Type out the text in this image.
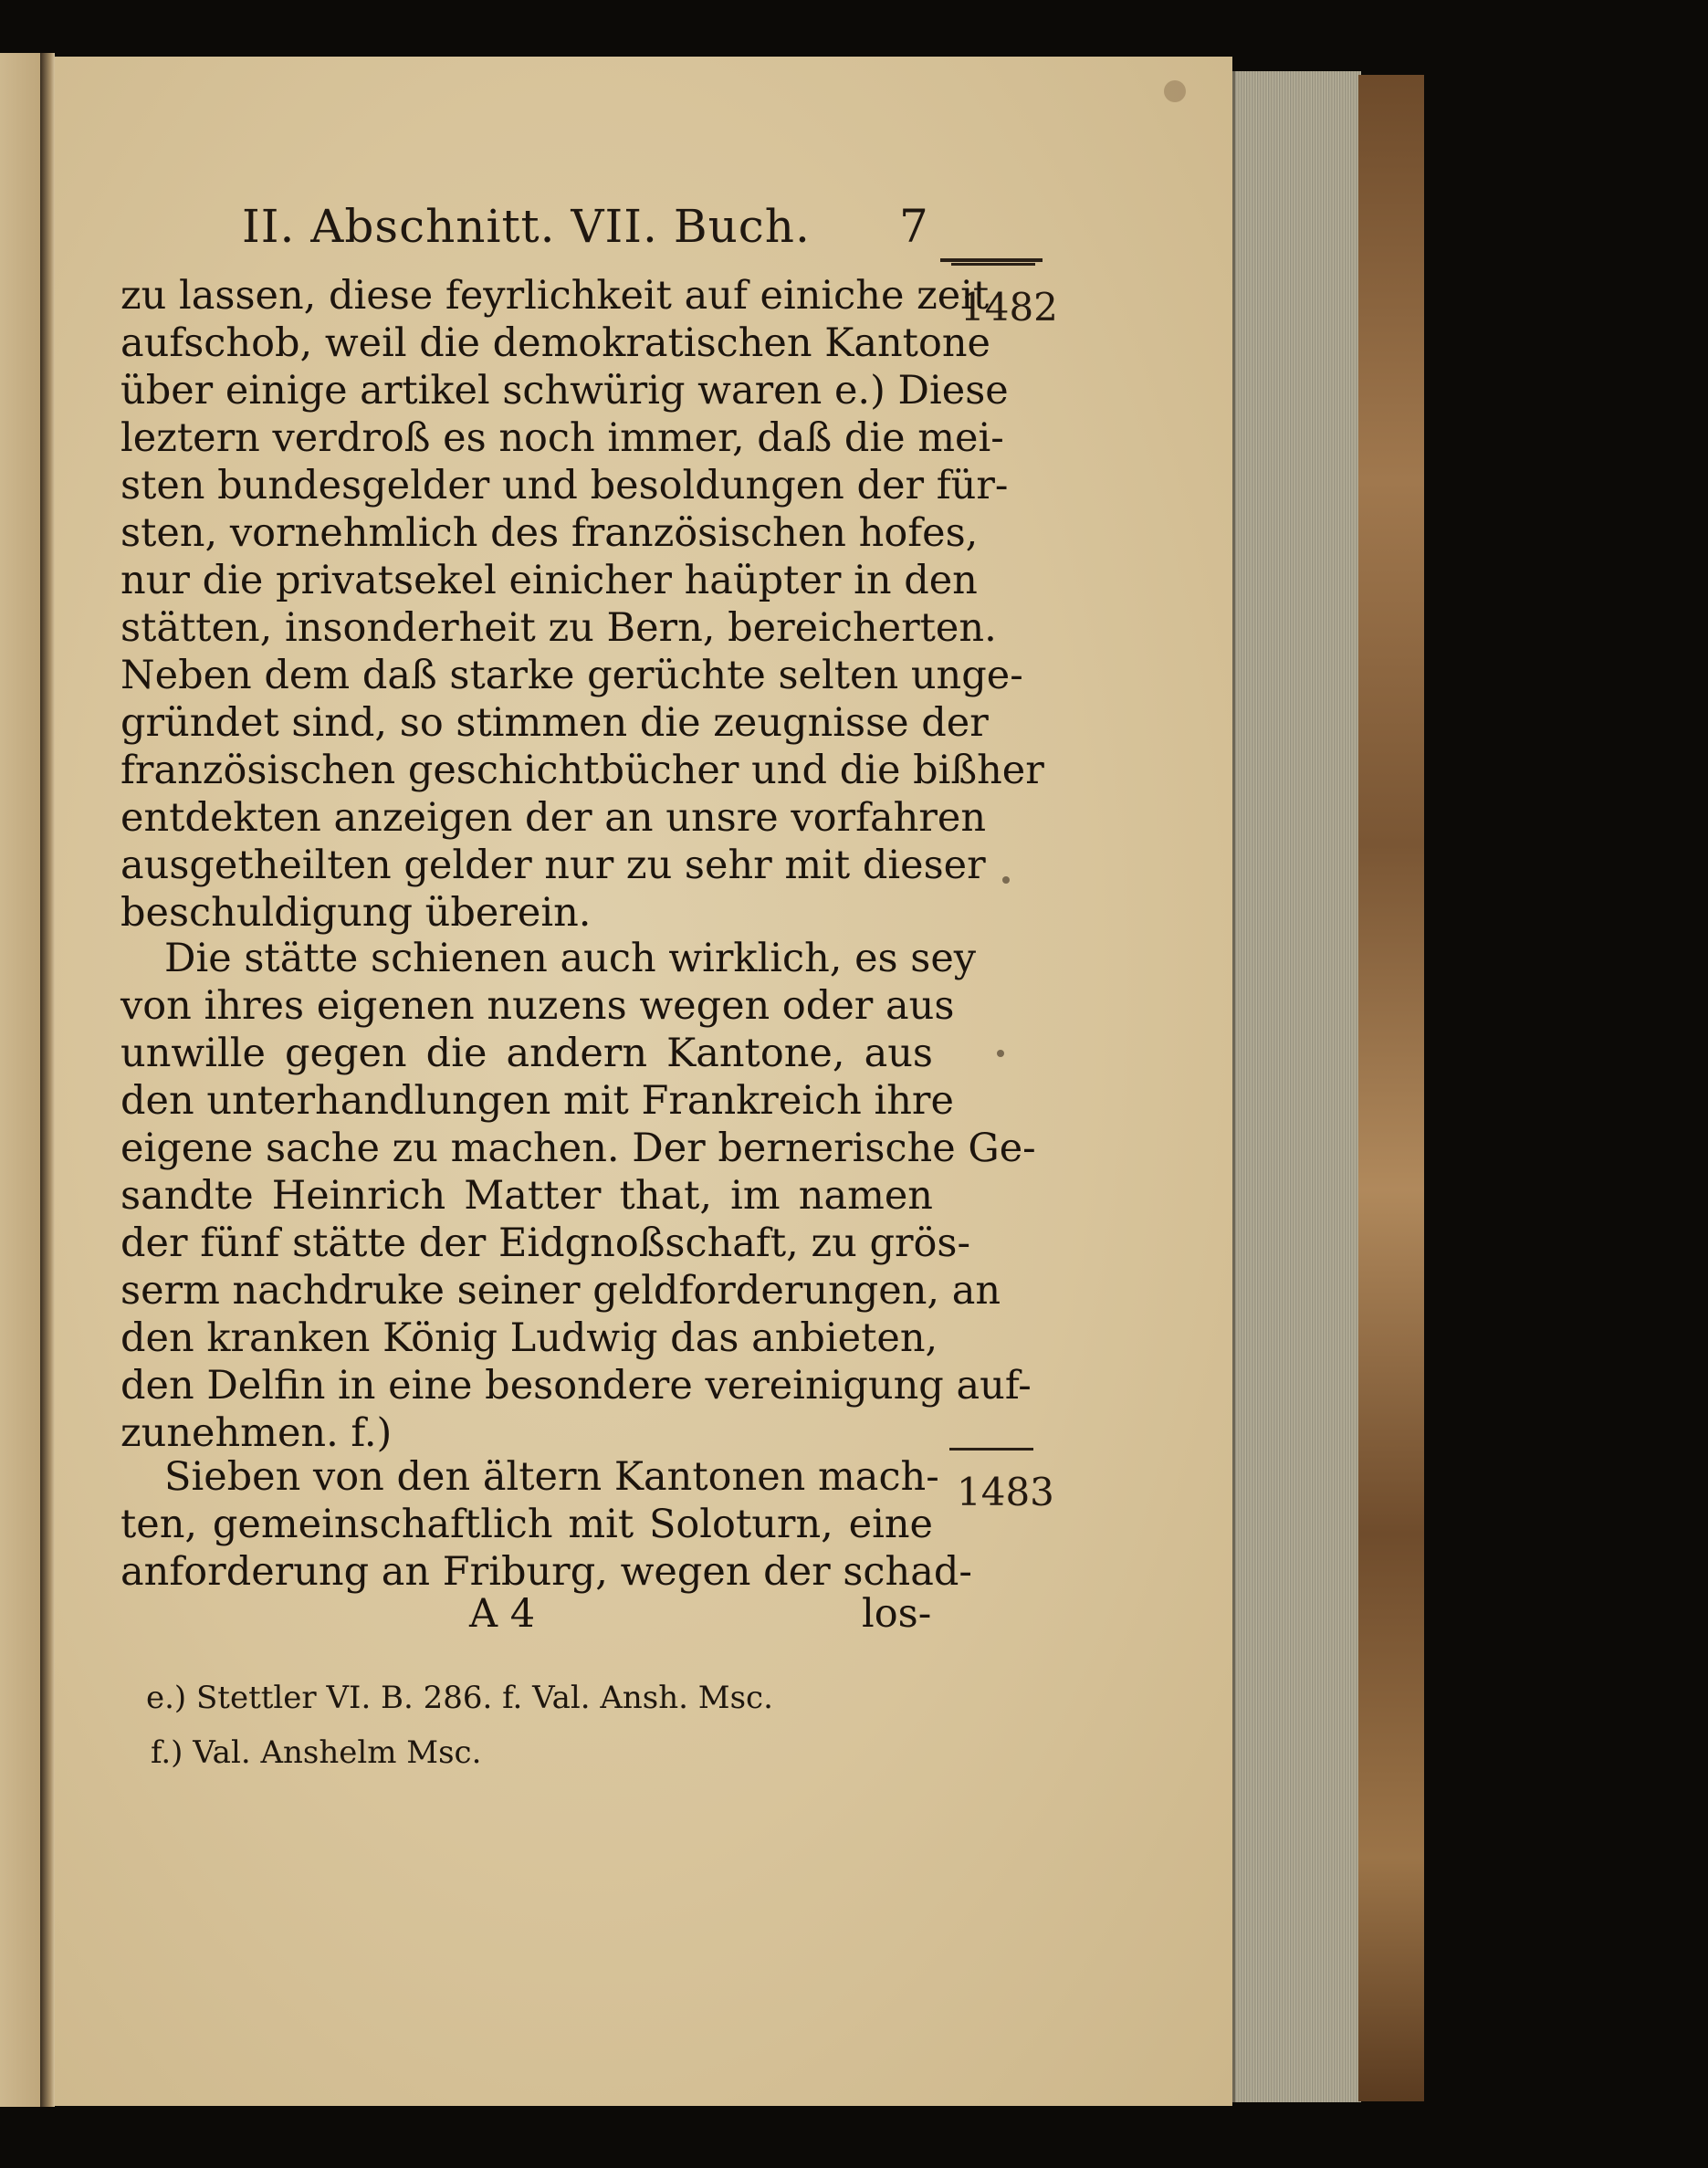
II. Abschnitt. VII. Buch. 7
1482
1483
zu lassen, diese feyrlichkeit auf einiche zeit
aufschob, weil die demokratischen Kantone
über einige artikel schwürig waren e.) Diese
leztern verdroß es noch immer, daß die mei-
sten bundesgelder und besoldungen der für-
sten, vornehmlich des französischen hofes,
nur die privatsekel einicher haüpter in den
stätten, insonderheit zu Bern, bereicherten.
Neben dem daß starke gerüchte selten unge-
gründet sind, so stimmen die zeugnisse der
französischen geschichtbücher und die bißher
entdekten anzeigen der an unsre vorfahren
ausgetheilten gelder nur zu sehr mit dieser
beschuldigung überein.
Die stätte schienen auch wirklich, es sey
von ihres eigenen nuzens wegen oder aus
unwille gegen die andern Kantone, aus
den unterhandlungen mit Frankreich ihre
eigene sache zu machen. Der bernerische Ge-
sandte Heinrich Matter that, im namen
der fünf stätte der Eidgnoßschaft, zu grös-
serm nachdruke seiner geldforderungen, an
den kranken König Ludwig das anbieten,
den Delfin in eine besondere vereinigung auf-
zunehmen. f.)
Sieben von den ältern Kantonen mach-
ten, gemeinschaftlich mit Soloturn, eine
anforderung an Friburg, wegen der schad-
A 4	los-
e.) Stettler VI. B. 286. f. Val. Ansh. Msc.
f.) Val. Anshelm Msc.
